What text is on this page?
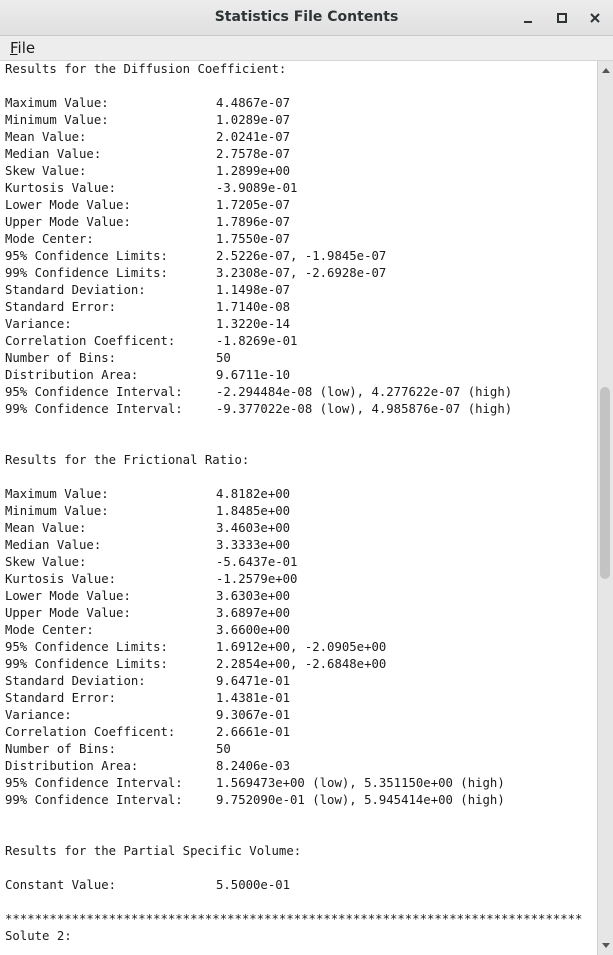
Statistics File Contents
File
Results for the Diffusion Coefficient:
Maximum Value:	4.4867e-07
Minimum Value:	1.0289e-07
Mean Value:	2.0241e-07
Median Value:	2.7578e-07
Skew Value:	1.2899e+00
Kurtosis Value:	-3.9089e-01
Lower Mode Value:	1.7205e-07
Upper Mode Value:	1.7896e-07
Mode Center:	1.7550e-07
95% Confidence Limits:	2.5226e-07, -1.9845e-07
99% Confidence Limits:	3.2308e-07, -2.6928e-07
Standard Deviation:	1.1498e-07
Standard Error:	1.7140e-08
Variance:	1.3220e-14
Correlation Coefficent:	-1.8269e-01
Number of Bins:	50
Distribution Area:	9.6711e-10
95% Confidence Interval:	-2.294484e-08 (low), 4.277622e-07 (high)
99% Confidence Interval:	-9.377022e-08 (low), 4.985876e-07 (high)
Results for the Frictional Ratio:
Maximum Value:	4.8182e+00
Minimum Value:	1.8485e+00
Mean Value:	3.4603e+00
Median Value:	3.3333e+00
Skew Value:	-5.6437e-01
Kurtosis Value:	-1.2579e+00
Lower Mode Value:	3.6303e+00
Upper Mode Value:	3.6897e+00
Mode Center:	3.6600e+00
95% Confidence Limits:	1.6912e+00, -2.0905e+00
99% Confidence Limits:	2.2854e+00, -2.6848e+00
Standard Deviation:	9.6471e-01
Standard Error:	1.4381e-01
Variance:	9.3067e-01
Correlation Coefficent:	2.6661e-01
Number of Bins:	50
Distribution Area:	8.2406e-03
95% Confidence Interval:	1.569473e+00 (low), 5.351150e+00 (high)
99% Confidence Interval:	9.752090e-01 (low), 5.945414e+00 (high)
Results for the Partial Specific Volume:
Constant Value:	5.5000e-01
******************************************************************************
Solute 2:
